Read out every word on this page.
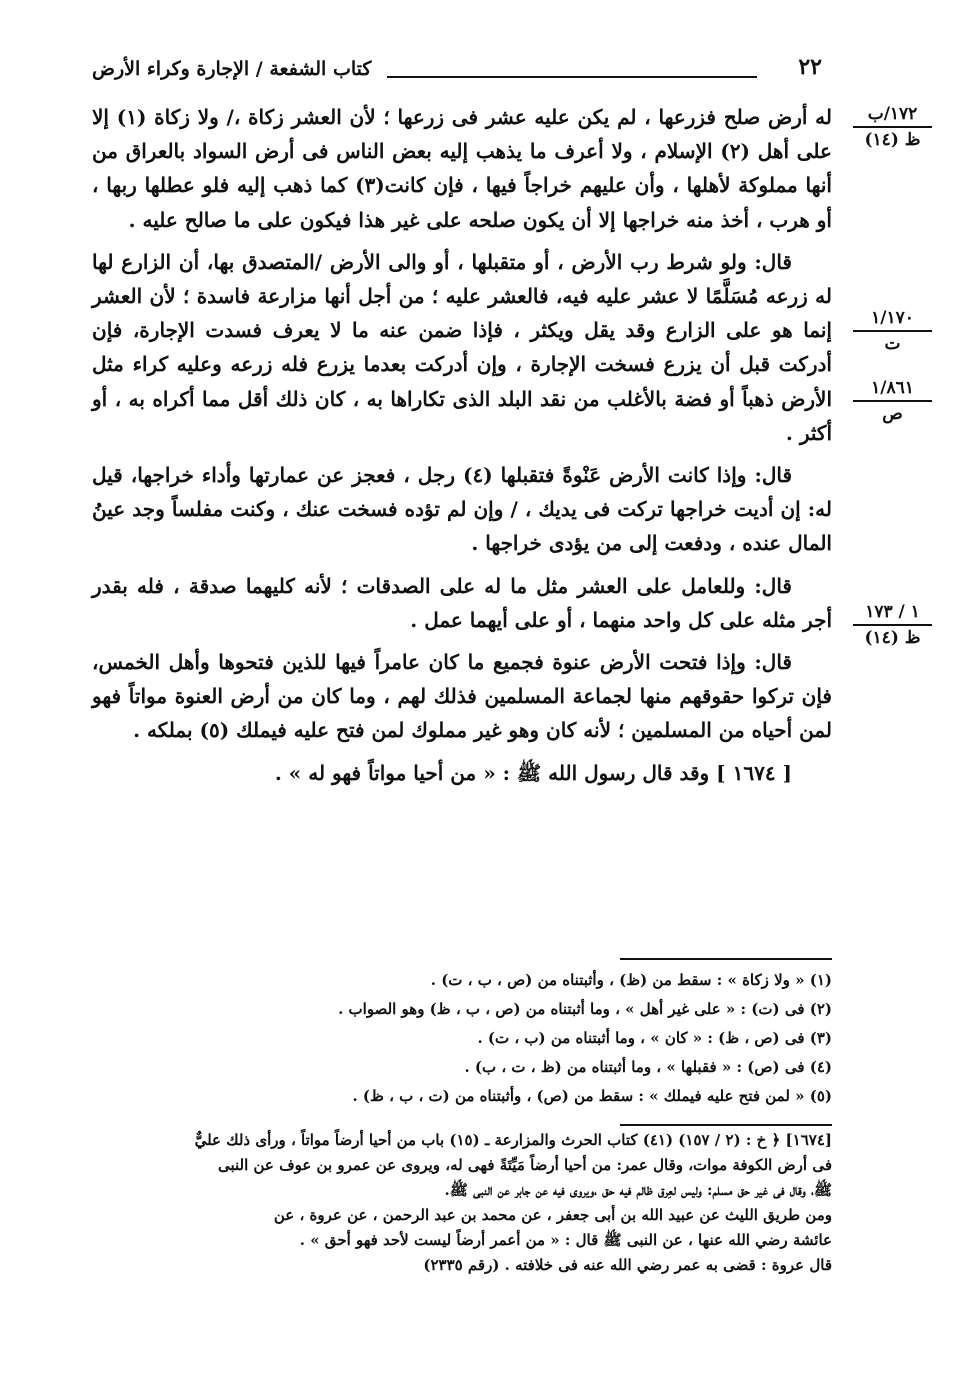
كتاب الشفعة / الإجارة وكراء الأرض	٢٢
١٧٢/ب
ظ (١٤)
١/١٧٠
ت
١/٨٦١
ص
١ / ١٧٣
ظ (١٤)

له أرض صلح فزرعها ، لم يكن عليه عشر فى زرعها ؛ لأن العشر زكاة ،/ ولا زكاة (١) إلا على أهل (٢) الإسلام ، ولا أعرف ما يذهب إليه بعض الناس فى أرض السواد بالعراق من أنها مملوكة لأهلها ، وأن عليهم خراجاً فيها ، فإن كانت(٣) كما ذهب إليه فلو عطلها ربها ، أو هرب ، أخذ منه خراجها إلا أن يكون صلحه على غير هذا فيكون على ما صالح عليه .

قال: ولو شرط رب الأرض ، أو متقبلها ، أو والى الأرض /المتصدق بها، أن الزارع لها له زرعه مُسَلَّمًا لا عشر عليه فيه، فالعشر عليه ؛ من أجل أنها مزارعة فاسدة ؛ لأن العشر إنما هو على الزارع وقد يقل ويكثر ، فإذا ضمن عنه ما لا يعرف فسدت الإجارة، فإن أدركت قبل أن يزرع فسخت الإجارة ، وإن أدركت بعدما يزرع فله زرعه وعليه كراء مثل الأرض ذهباً أو فضة بالأغلب من نقد البلد الذى تكاراها به ، كان ذلك أقل مما أكراه به ، أو أكثر .

قال: وإذا كانت الأرض عَنْوةً فتقبلها (٤) رجل ، فعجز عن عمارتها وأداء خراجها، قيل له: إن أديت خراجها تركت فى يديك ، / وإن لم تؤده فسخت عنك ، وكنت مفلساً وجد عينُ المال عنده ، ودفعت إلى من يؤدى خراجها .

قال: وللعامل على العشر مثل ما له على الصدقات ؛ لأنه كليهما صدقة ، فله بقدر أجر مثله على كل واحد منهما ، أو على أيهما عمل .

قال: وإذا فتحت الأرض عنوة فجميع ما كان عامراً فيها للذين فتحوها وأهل الخمس، فإن تركوا حقوقهم منها لجماعة المسلمين فذلك لهم ، وما كان من أرض العنوة مواتاً فهو لمن أحياه من المسلمين ؛ لأنه كان وهو غير مملوك لمن فتح عليه فيملك (٥) بملكه .

[ ١٦٧٤ ] وقد قال رسول الله ﷺ : « من أحيا مواتاً فهو له » .

(١) « ولا زكاة » : سقط من (ظ) ، وأثبتناه من (ص ، ب ، ت) .
(٢) فى (ت) : « على غير أهل » ، وما أثبتناه من (ص ، ب ، ظ) وهو الصواب .
(٣) فى (ص ، ظ) : « كان » ، وما أثبتناه من (ب ، ت) .
(٤) فى (ص) : « فقبلها » ، وما أثبتناه من (ظ ، ت ، ب) .
(٥) « لمن فتح عليه فيملك » : سقط من (ص) ، وأثبتناه من (ت ، ب ، ظ) .
[١٦٧٤] ﴿ خ : (٢ / ١٥٧) (٤١) كتاب الحرث والمزارعة ـ (١٥) باب من أحيا أرضاً مواتاً ، ورأى ذلك عليٌّ
فى أرض الكوفة موات، وقال عمر: من أحيا أرضاً مَيِّتَةً فهى له، ويروى عن عمرو بن عوف عن النبى
ﷺ، وقال فى غير حق مسلم: وليس لعِرق ظالم فيه حق ،ويروى فيه عن جابر عن النبى ﷺ.
ومن طريق الليث عن عبيد الله بن أبى جعفر ، عن محمد بن عبد الرحمن ، عن عروة ، عن
عائشة رضي الله عنها ، عن النبى ﷺ قال : « من أعمر أرضاً ليست لأحد فهو أحق » .
قال عروة : قضى به عمر رضي الله عنه فى خلافته . (رقم ٢٣٣٥)
